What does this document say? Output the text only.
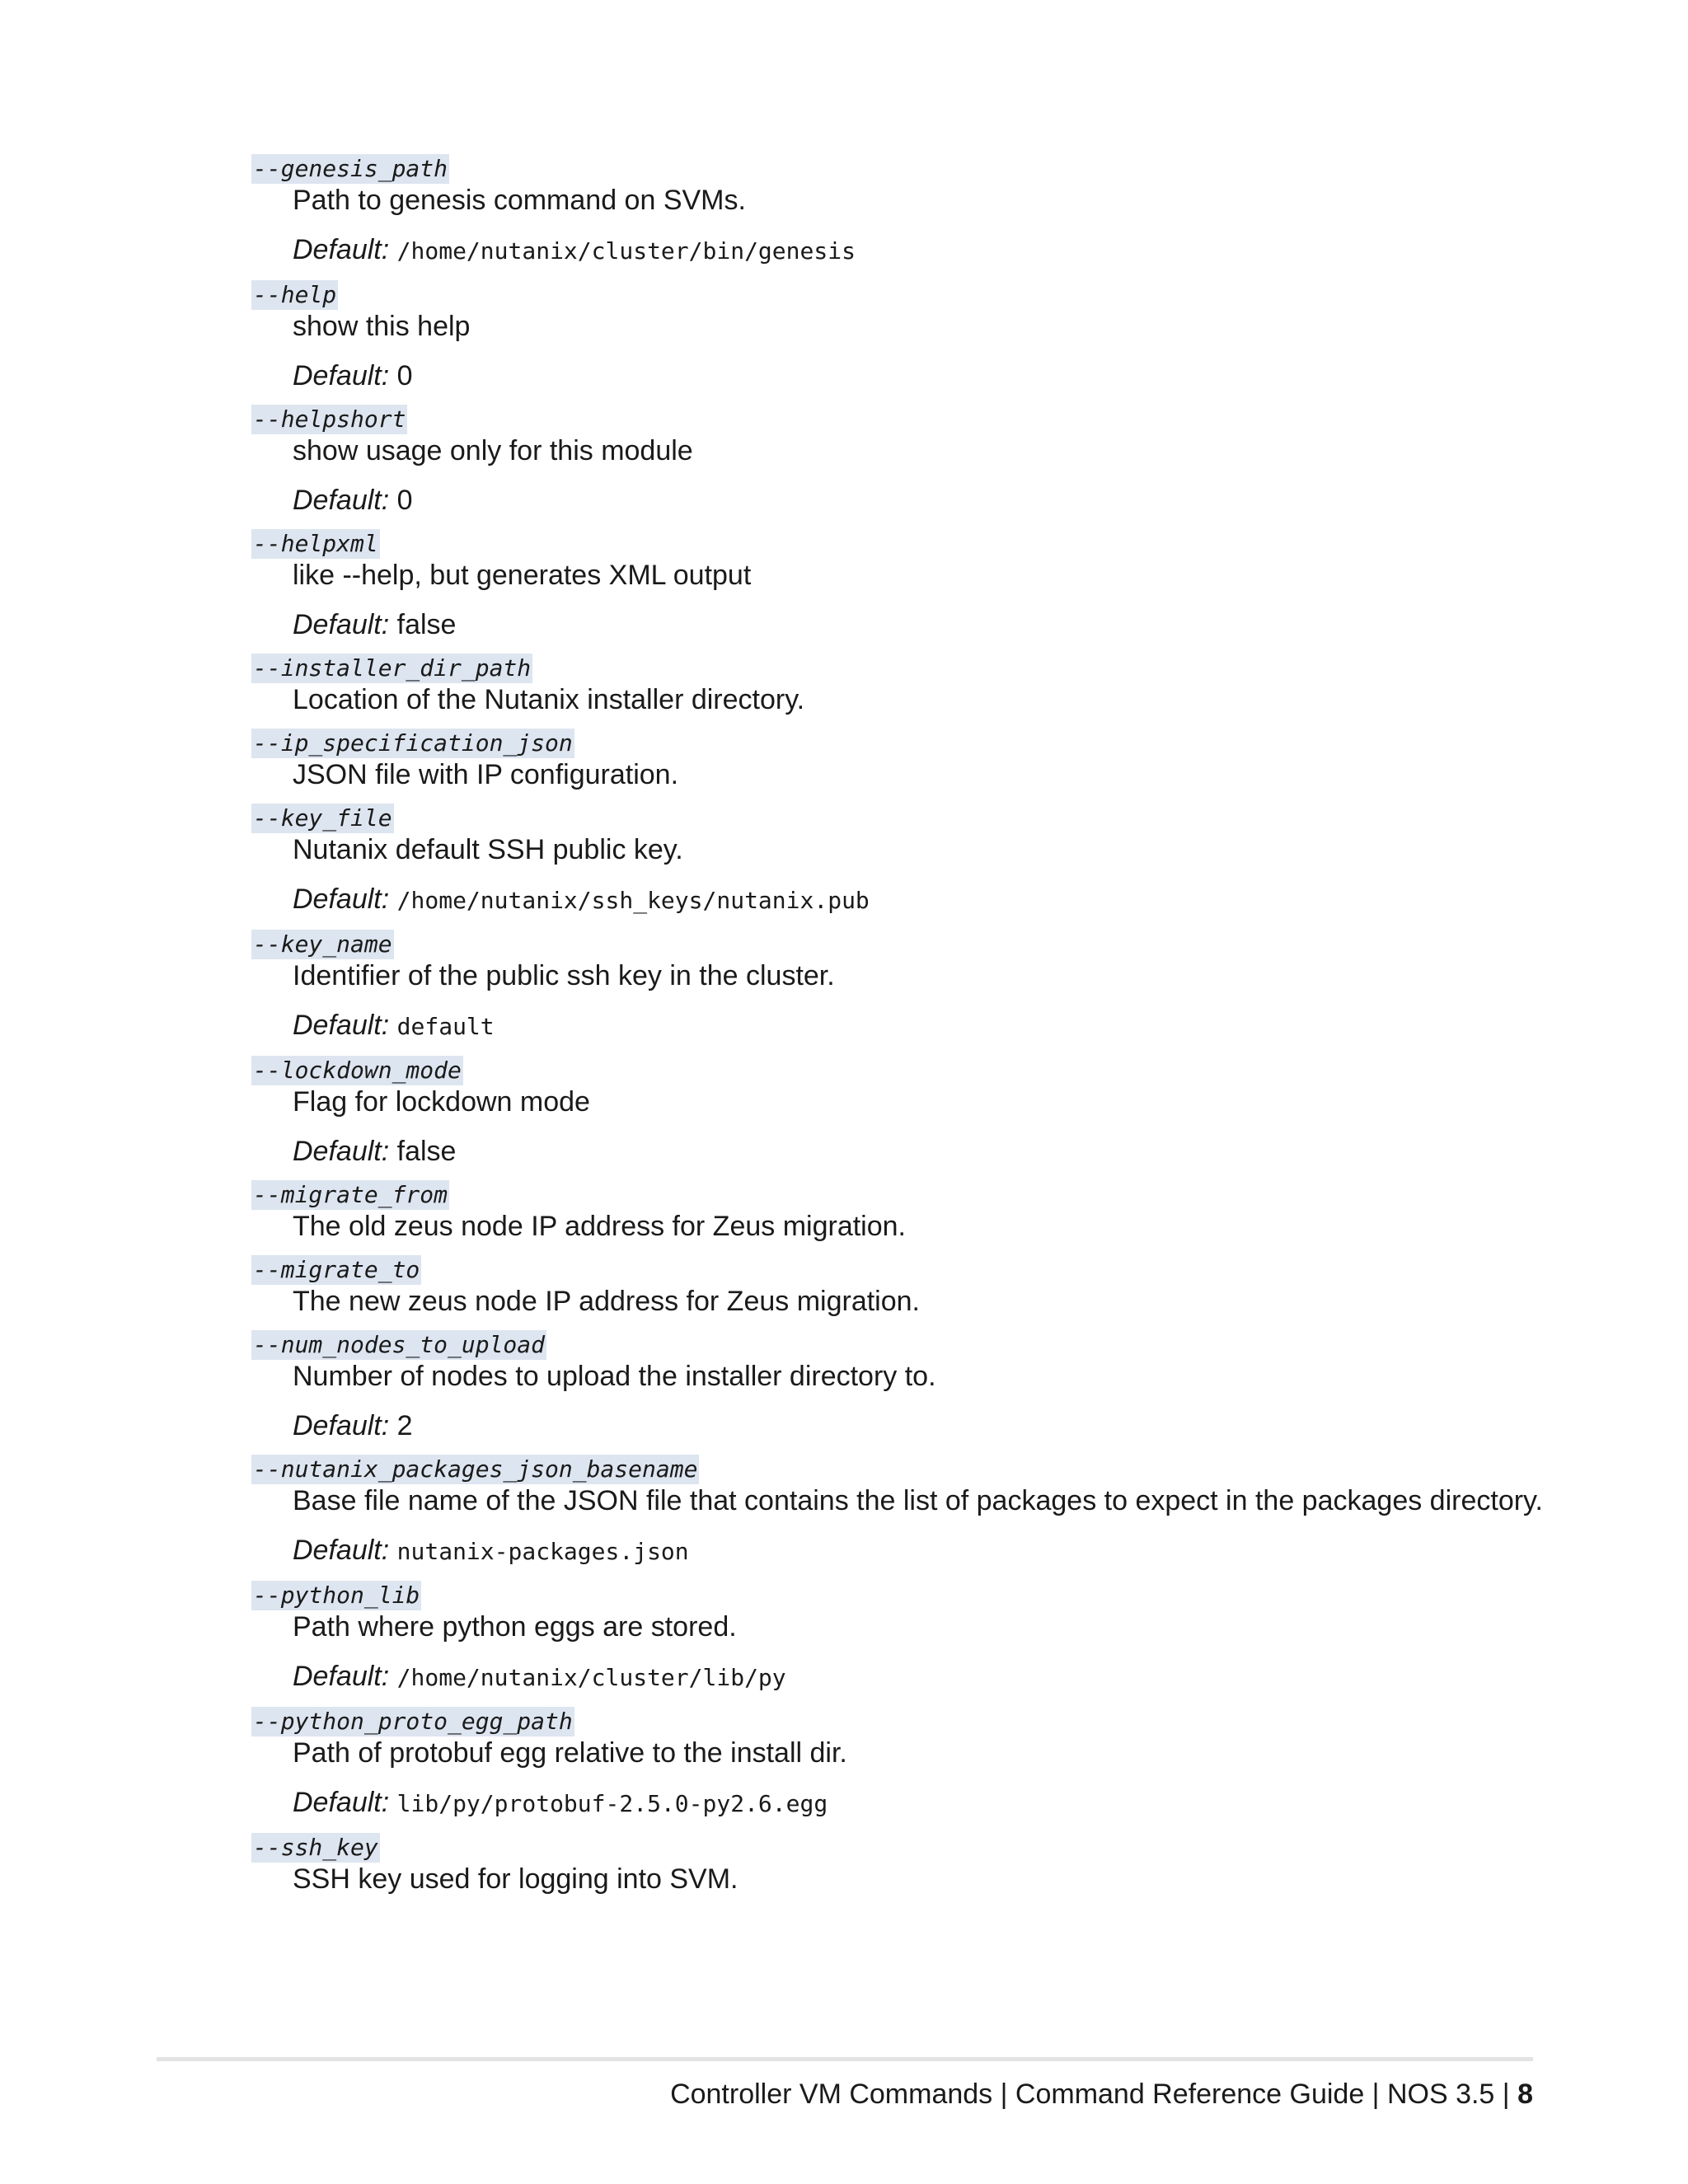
--genesis_path
Path to genesis command on SVMs.
Default: /home/nutanix/cluster/bin/genesis
--help
show this help
Default: 0
--helpshort
show usage only for this module
Default: 0
--helpxml
like --help, but generates XML output
Default: false
--installer_dir_path
Location of the Nutanix installer directory.
--ip_specification_json
JSON file with IP configuration.
--key_file
Nutanix default SSH public key.
Default: /home/nutanix/ssh_keys/nutanix.pub
--key_name
Identifier of the public ssh key in the cluster.
Default: default
--lockdown_mode
Flag for lockdown mode
Default: false
--migrate_from
The old zeus node IP address for Zeus migration.
--migrate_to
The new zeus node IP address for Zeus migration.
--num_nodes_to_upload
Number of nodes to upload the installer directory to.
Default: 2
--nutanix_packages_json_basename
Base file name of the JSON file that contains the list of packages to expect in the packages directory.
Default: nutanix-packages.json
--python_lib
Path where python eggs are stored.
Default: /home/nutanix/cluster/lib/py
--python_proto_egg_path
Path of protobuf egg relative to the install dir.
Default: lib/py/protobuf-2.5.0-py2.6.egg
--ssh_key
SSH key used for logging into SVM.
Controller VM Commands | Command Reference Guide | NOS 3.5 | 8
